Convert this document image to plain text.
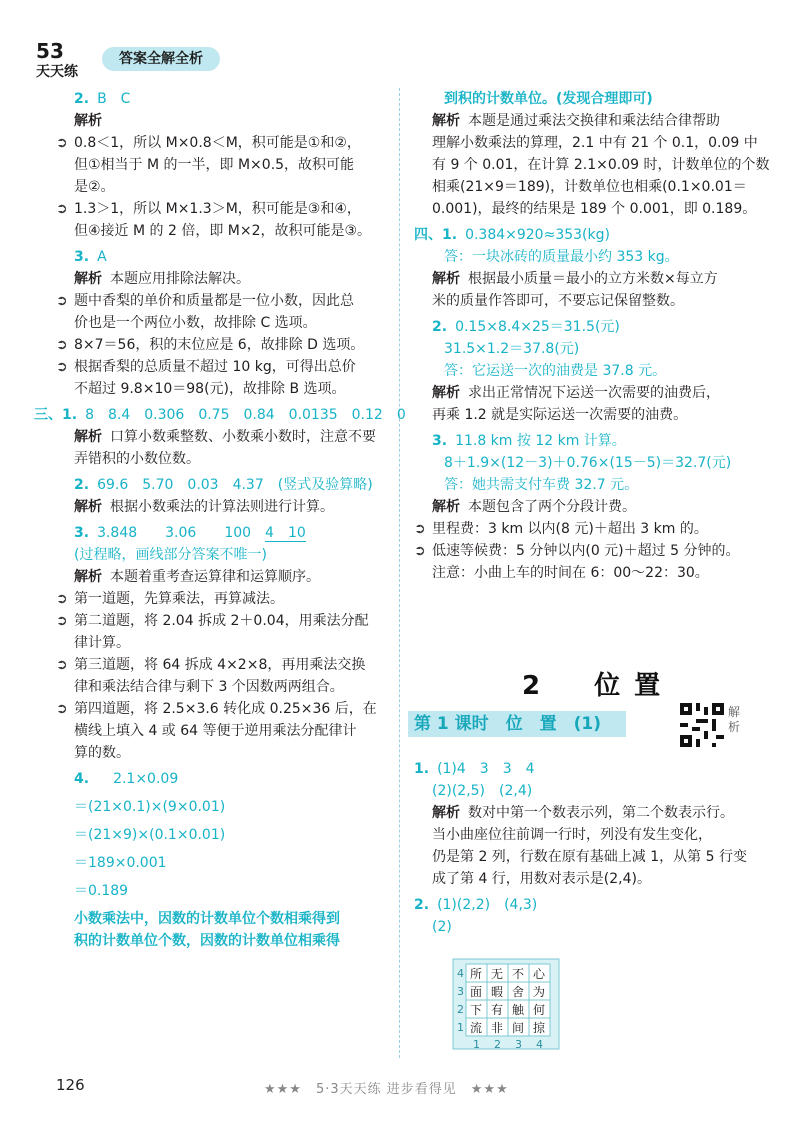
5 3
天天练
答案全解全析
2. B　C
解析
➲ 0.8＜1，所以 M×0.8＜M，积可能是①和②，
但①相当于 M 的一半，即 M×0.5，故积可能
是②。
➲ 1.3＞1，所以 M×1.3＞M，积可能是③和④，
但④接近 M 的 2 倍，即 M×2，故积可能是③。
3. A
解析 本题应用排除法解决。
➲ 题中香梨的单价和质量都是一位小数，因此总
价也是一个两位小数，故排除 C 选项。
➲ 8×7＝56，积的末位应是 6，故排除 D 选项。
➲ 根据香梨的总质量不超过 10 kg，可得出总价
不超过 9.8×10＝98(元)，故排除 B 选项。
三、1. 8　8.4　0.306　0.75　0.84　0.0135　0.12　0
解析 口算小数乘整数、小数乘小数时，注意不要
弄错积的小数位数。
2. 69.6　5.70　0.03　4.37　(竖式及验算略)
解析 根据小数乘法的计算法则进行计算。
3. 3.848　　3.06　　100　4　10
(过程略，画线部分答案不唯一)
解析 本题着重考查运算律和运算顺序。
➲ 第一道题，先算乘法，再算减法。
➲ 第二道题，将 2.04 拆成 2＋0.04，用乘法分配
律计算。
➲ 第三道题，将 64 拆成 4×2×8，再用乘法交换
律和乘法结合律与剩下 3 个因数两两组合。
➲ 第四道题，将 2.5×3.6 转化成 0.25×36 后，在
横线上填入 4 或 64 等便于逆用乘法分配律计
算的数。
4. 2.1×0.09
＝(21×0.1)×(9×0.01)
＝(21×9)×(0.1×0.01)
＝189×0.001
＝0.189
小数乘法中，因数的计数单位个数相乘得到
积的计数单位个数，因数的计数单位相乘得
到积的计数单位。(发现合理即可)
解析 本题是通过乘法交换律和乘法结合律帮助
理解小数乘法的算理，2.1 中有 21 个 0.1，0.09 中
有 9 个 0.01，在计算 2.1×0.09 时，计数单位的个数
相乘(21×9＝189)，计数单位也相乘(0.1×0.01＝
0.001)，最终的结果是 189 个 0.001，即 0.189。
四、1. 0.384×920≈353(kg)
答：一块冰砖的质量最小约 353 kg。
解析 根据最小质量＝最小的立方米数×每立方
米的质量作答即可，不要忘记保留整数。
2. 0.15×8.4×25＝31.5(元)
31.5×1.2＝37.8(元)
答：它运送一次的油费是 37.8 元。
解析 求出正常情况下运送一次需要的油费后，
再乘 1.2 就是实际运送一次需要的油费。
3. 11.8 km 按 12 km 计算。
8＋1.9×(12－3)＋0.76×(15－5)＝32.7(元)
答：她共需支付车费 32.7 元。
解析 本题包含了两个分段计费。
➲ 里程费：3 km 以内(8 元)＋超出 3 km 的。
➲ 低速等候费：5 分钟以内(0 元)＋超过 5 分钟的。
注意：小曲上车的时间在 6：00～22：30。
2　位置
第 1 课时　位　置　(1)
解析
1. (1)4　3　3　4
(2)(2,5)　(2,4)
解析 数对中第一个数表示列，第二个数表示行。
当小曲座位往前调一行时，列没有发生变化，
仍是第 2 列，行数在原有基础上减 1，从第 5 行变
成了第 4 行，用数对表示是(2,4)。
2. (1)(2,2)　(4,3)
(2)
4 所 无 不 心
3 面 暇 舍 为
2 下 有 触 何
1 流 非 间 掠
1 2 3 4
126	★★★　5·3天天练 进步看得见　★★★
